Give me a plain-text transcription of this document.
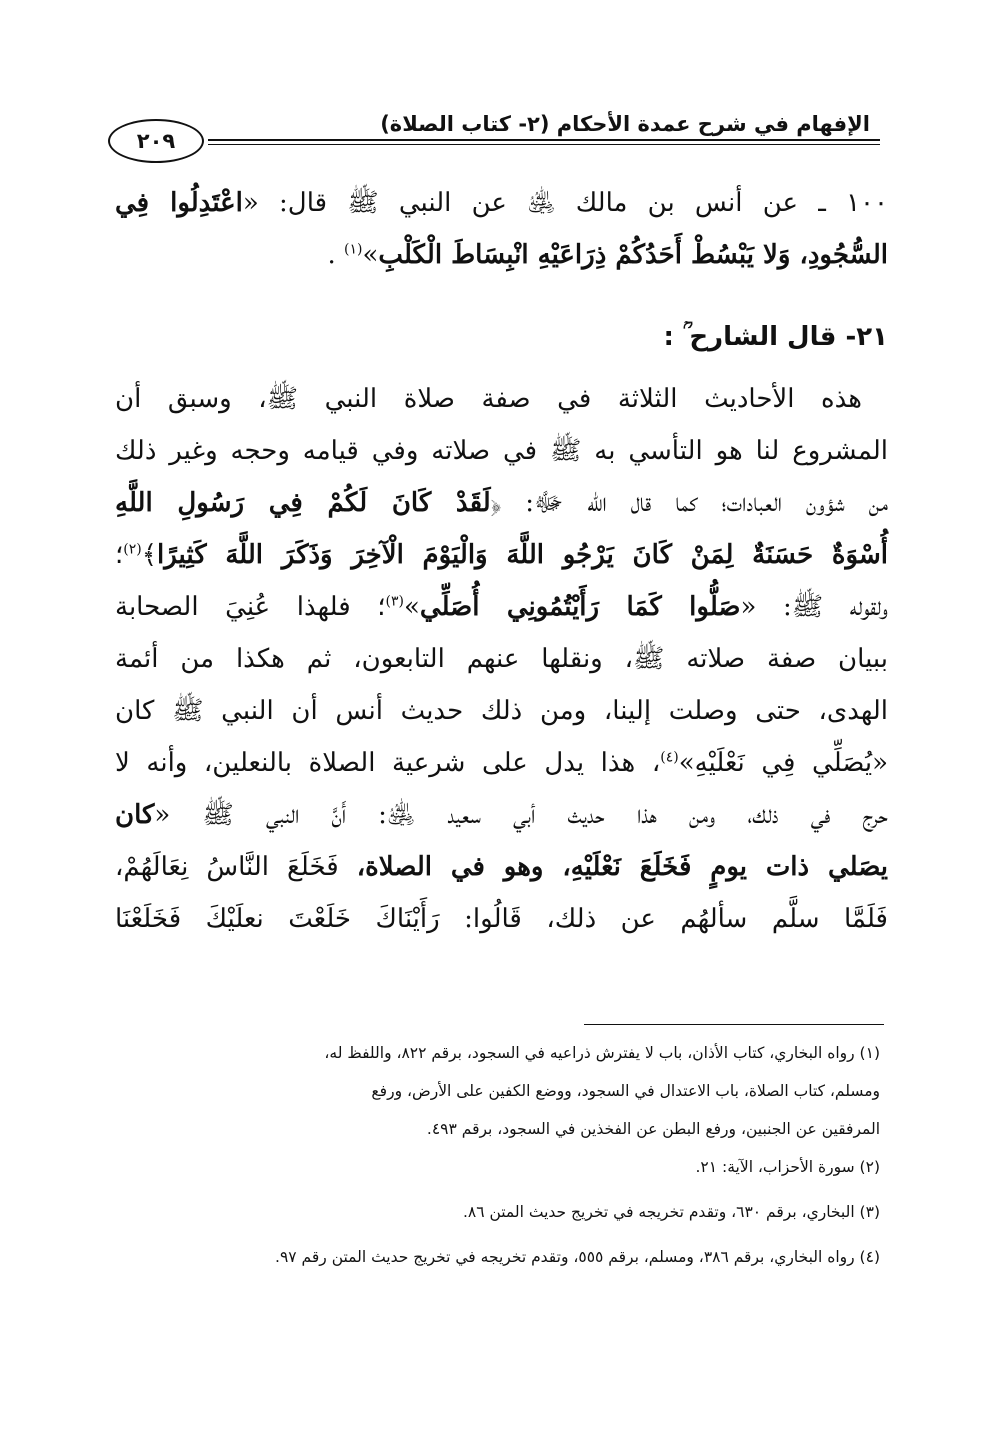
الإفهام في شرح عمدة الأحكام (٢- كتاب الصلاة)
٢٠٩
١٠٠ ـ عن أنس بن مالك ﵁ عن النبي ﷺ قال: «اعْتَدِلُوا فِي
السُّجُودِ، وَلا يَبْسُطْ أَحَدُكُمْ ذِرَاعَيْهِ انْبِسَاطَ الْكَلْبِ»$^{(١)}$ .
٢١- قال الشارح ؒ :
هذه الأحاديث الثلاثة في صفة صلاة النبي ﷺ، وسبق أن
المشروع لنا هو التأسي به ﷺ في صلاته وفي قيامه وحجه وغير ذلك
من شؤون العبادات؛ كما قال الله ﷻ: ﴿لَقَدْ كَانَ لَكُمْ فِي رَسُولِ اللَّهِ
أُسْوَةٌ حَسَنَةٌ لِمَنْ كَانَ يَرْجُو اللَّهَ وَالْيَوْمَ الْآخِرَ وَذَكَرَ اللَّهَ كَثِيرًا﴾$^{(٢)}$؛
ولقوله ﷺ: «صَلُّوا كَمَا رَأَيْتُمُونِي أُصَلِّي»$^{(٣)}$؛ فلهذا عُنِيَ الصحابة
ببيان صفة صلاته ﷺ، ونقلها عنهم التابعون، ثم هكذا من أئمة
الهدى، حتى وصلت إلينا، ومن ذلك حديث أنس أن النبي ﷺ كان
«يُصَلِّي فِي نَعْلَيْهِ»$^{(٤)}$، هذا يدل على شرعية الصلاة بالنعلين، وأنه لا
حرج في ذلك، ومن هذا حديث أبي سعيد ﵁: أَنَّ النبي ﷺ «كان
يصَلي ذات يومٍ فَخَلَعَ نَعْلَيْهِ، وهو في الصلاة، فَخَلَعَ النَّاسُ نِعَالَهُمْ،
فَلَمَّا سلَّم سألهُم عن ذلك، قَالُوا: رَأَيْنَاكَ خَلَعْتَ نعلَيْكَ فَخَلَعْنَا
(١) رواه البخاري، كتاب الأذان، باب لا يفترش ذراعيه في السجود، برقم ٨٢٢، واللفظ له،
ومسلم، كتاب الصلاة، باب الاعتدال في السجود، ووضع الكفين على الأرض، ورفع
المرفقين عن الجنبين، ورفع البطن عن الفخذين في السجود، برقم ٤٩٣.
(٢) سورة الأحزاب، الآية: ٢١.
(٣) البخاري، برقم ٦٣٠، وتقدم تخريجه في تخريج حديث المتن ٨٦.
(٤) رواه البخاري، برقم ٣٨٦، ومسلم، برقم ٥٥٥، وتقدم تخريجه في تخريج حديث المتن رقم ٩٧.
